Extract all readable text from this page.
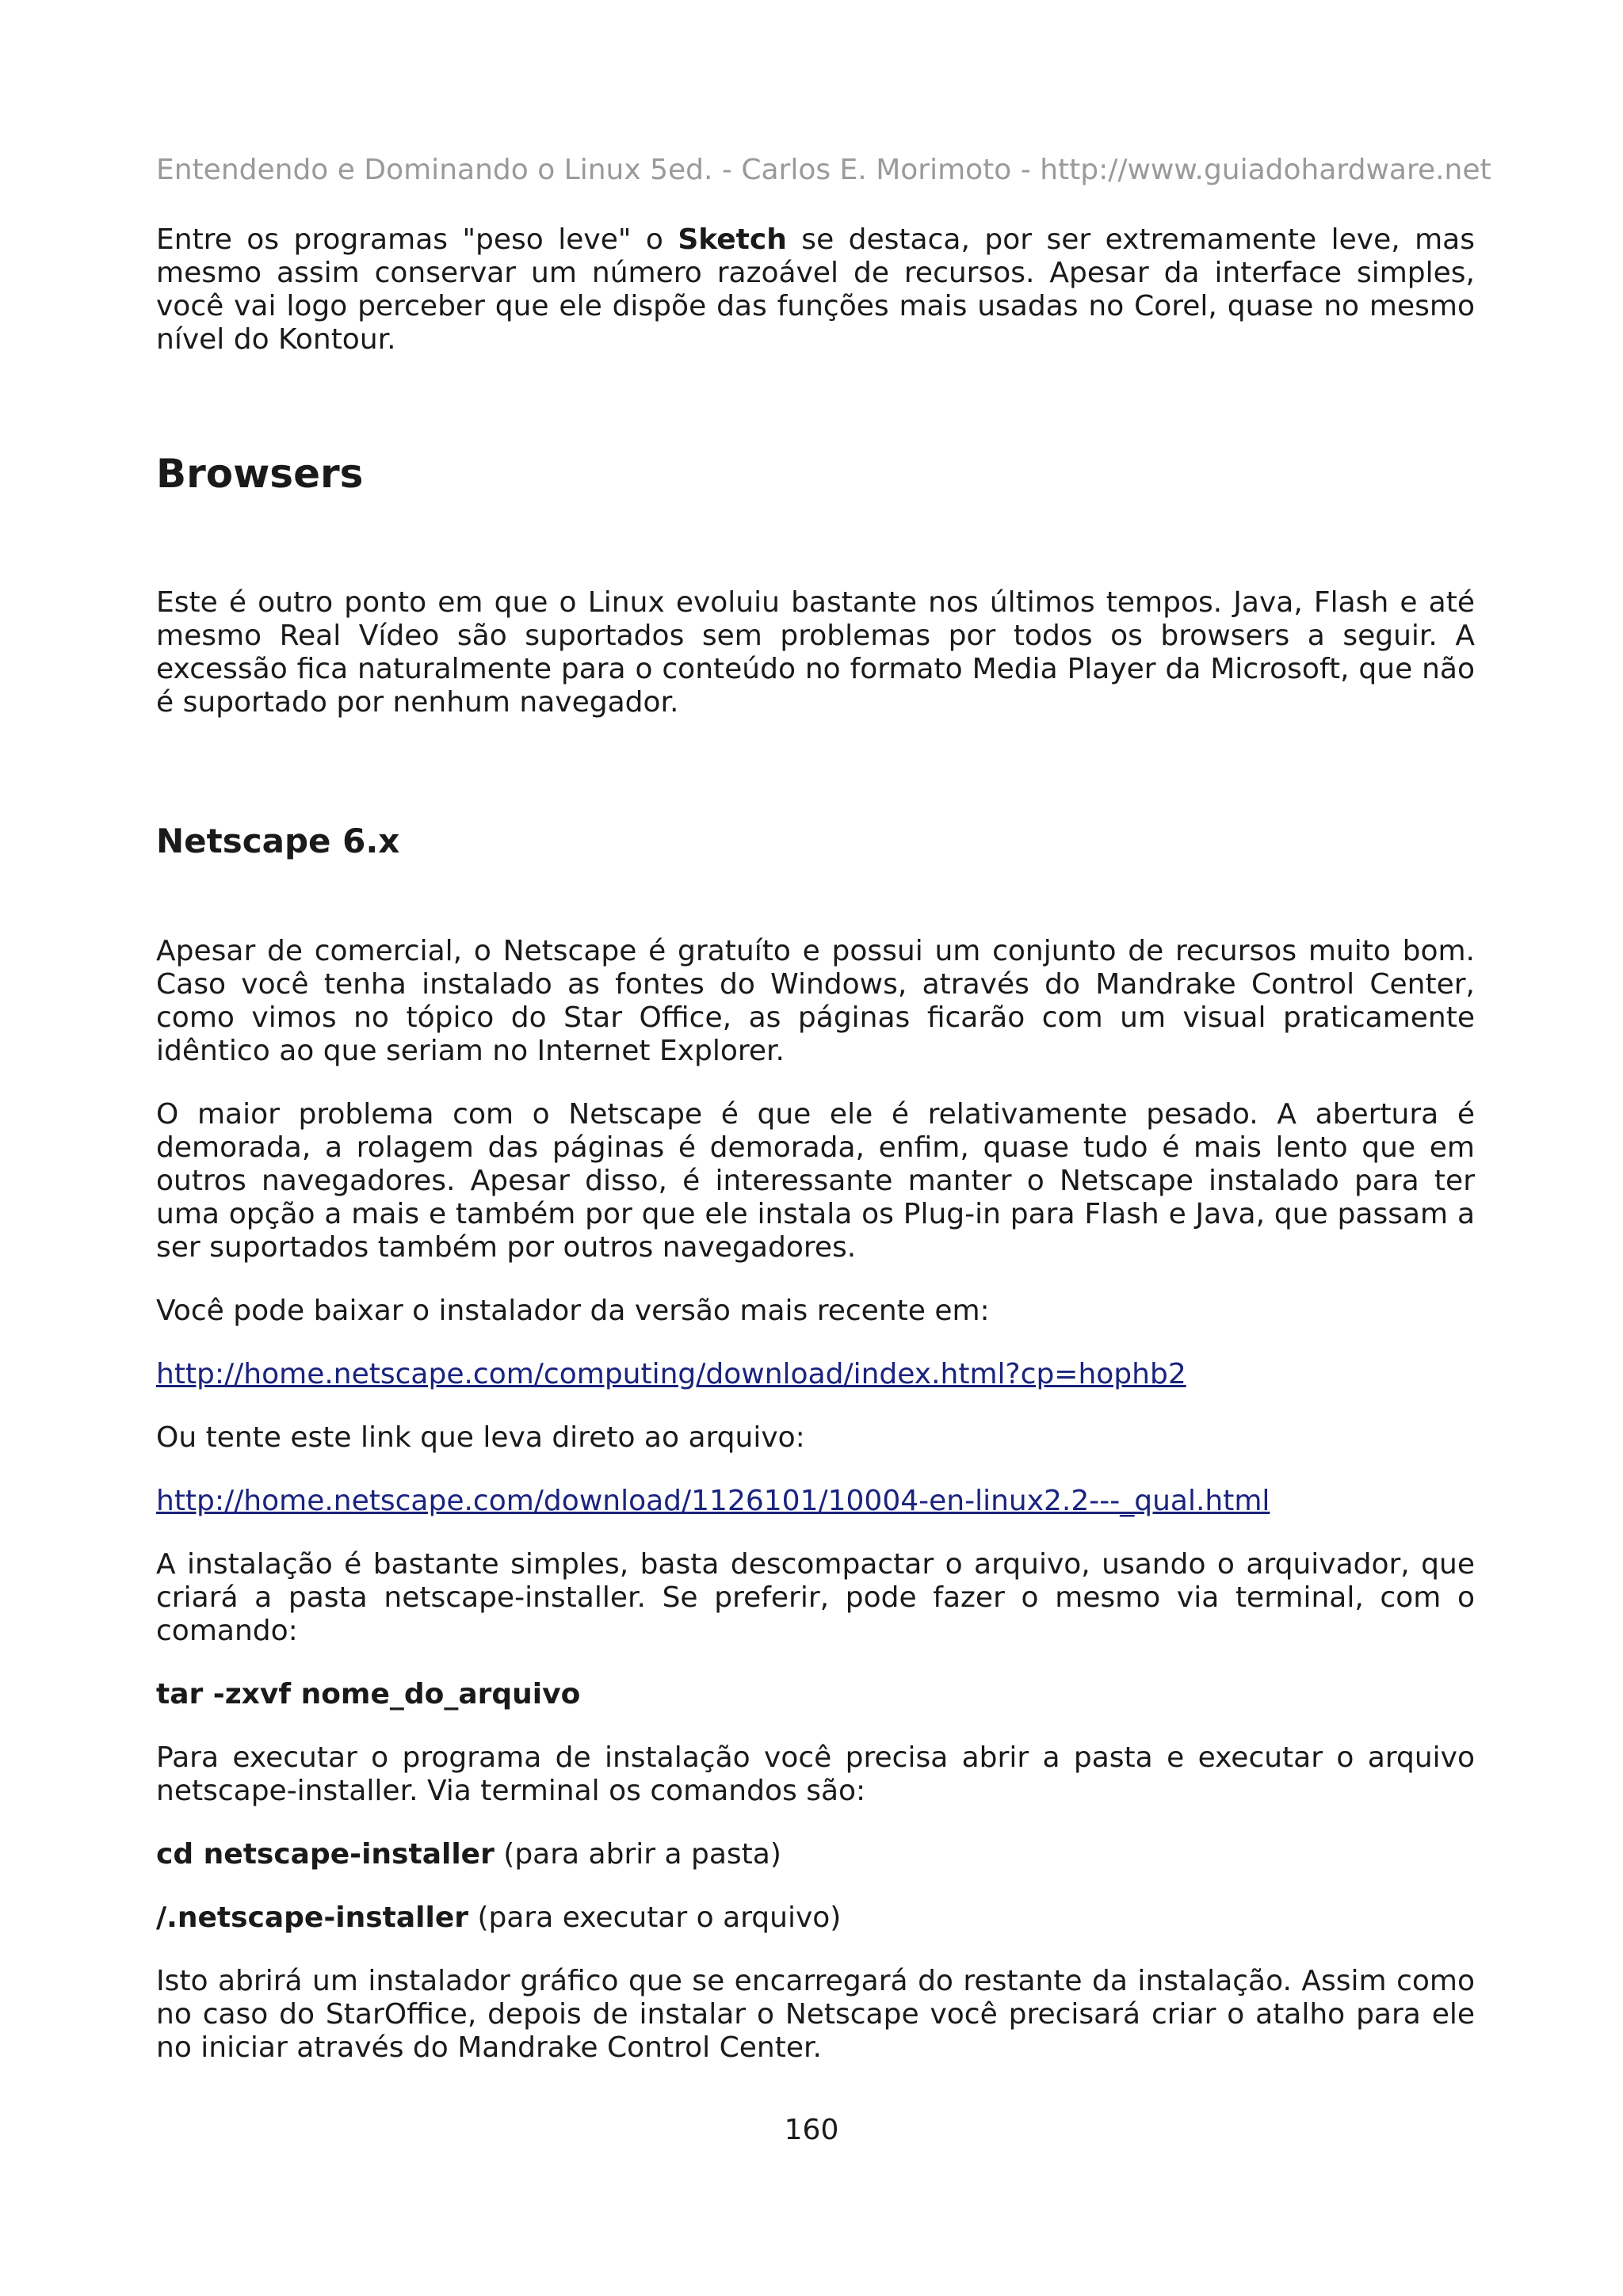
Entendendo e Dominando o Linux 5ed. - Carlos E. Morimoto - http://www.guiadohardware.net

Entre os programas "peso leve" o Sketch se destaca, por ser extremamente leve, mas mesmo assim conservar um número razoável de recursos. Apesar da interface simples, você vai logo perceber que ele dispõe das funções mais usadas no Corel, quase no mesmo nível do Kontour.

Browsers

Este é outro ponto em que o Linux evoluiu bastante nos últimos tempos. Java, Flash e até mesmo Real Vídeo são suportados sem problemas por todos os browsers a seguir. A excessão fica naturalmente para o conteúdo no formato Media Player da Microsoft, que não é suportado por nenhum navegador.

Netscape 6.x

Apesar de comercial, o Netscape é gratuíto e possui um conjunto de recursos muito bom. Caso você tenha instalado as fontes do Windows, através do Mandrake Control Center, como vimos no tópico do Star Office, as páginas ficarão com um visual praticamente idêntico ao que seriam no Internet Explorer.

O maior problema com o Netscape é que ele é relativamente pesado. A abertura é demorada, a rolagem das páginas é demorada, enfim, quase tudo é mais lento que em outros navegadores. Apesar disso, é interessante manter o Netscape instalado para ter uma opção a mais e também por que ele instala os Plug-in para Flash e Java, que passam a ser suportados também por outros navegadores.

Você pode baixar o instalador da versão mais recente em:

http://home.netscape.com/computing/download/index.html?cp=hophb2

Ou tente este link que leva direto ao arquivo:

http://home.netscape.com/download/1126101/10004-en-linux2.2---_qual.html

A instalação é bastante simples, basta descompactar o arquivo, usando o arquivador, que criará a pasta netscape-installer. Se preferir, pode fazer o mesmo via terminal, com o comando:

tar -zxvf nome_do_arquivo

Para executar o programa de instalação você precisa abrir a pasta e executar o arquivo netscape-installer. Via terminal os comandos são:

cd netscape-installer (para abrir a pasta)

/.netscape-installer (para executar o arquivo)

Isto abrirá um instalador gráfico que se encarregará do restante da instalação. Assim como no caso do StarOffice, depois de instalar o Netscape você precisará criar o atalho para ele no iniciar através do Mandrake Control Center.

160
